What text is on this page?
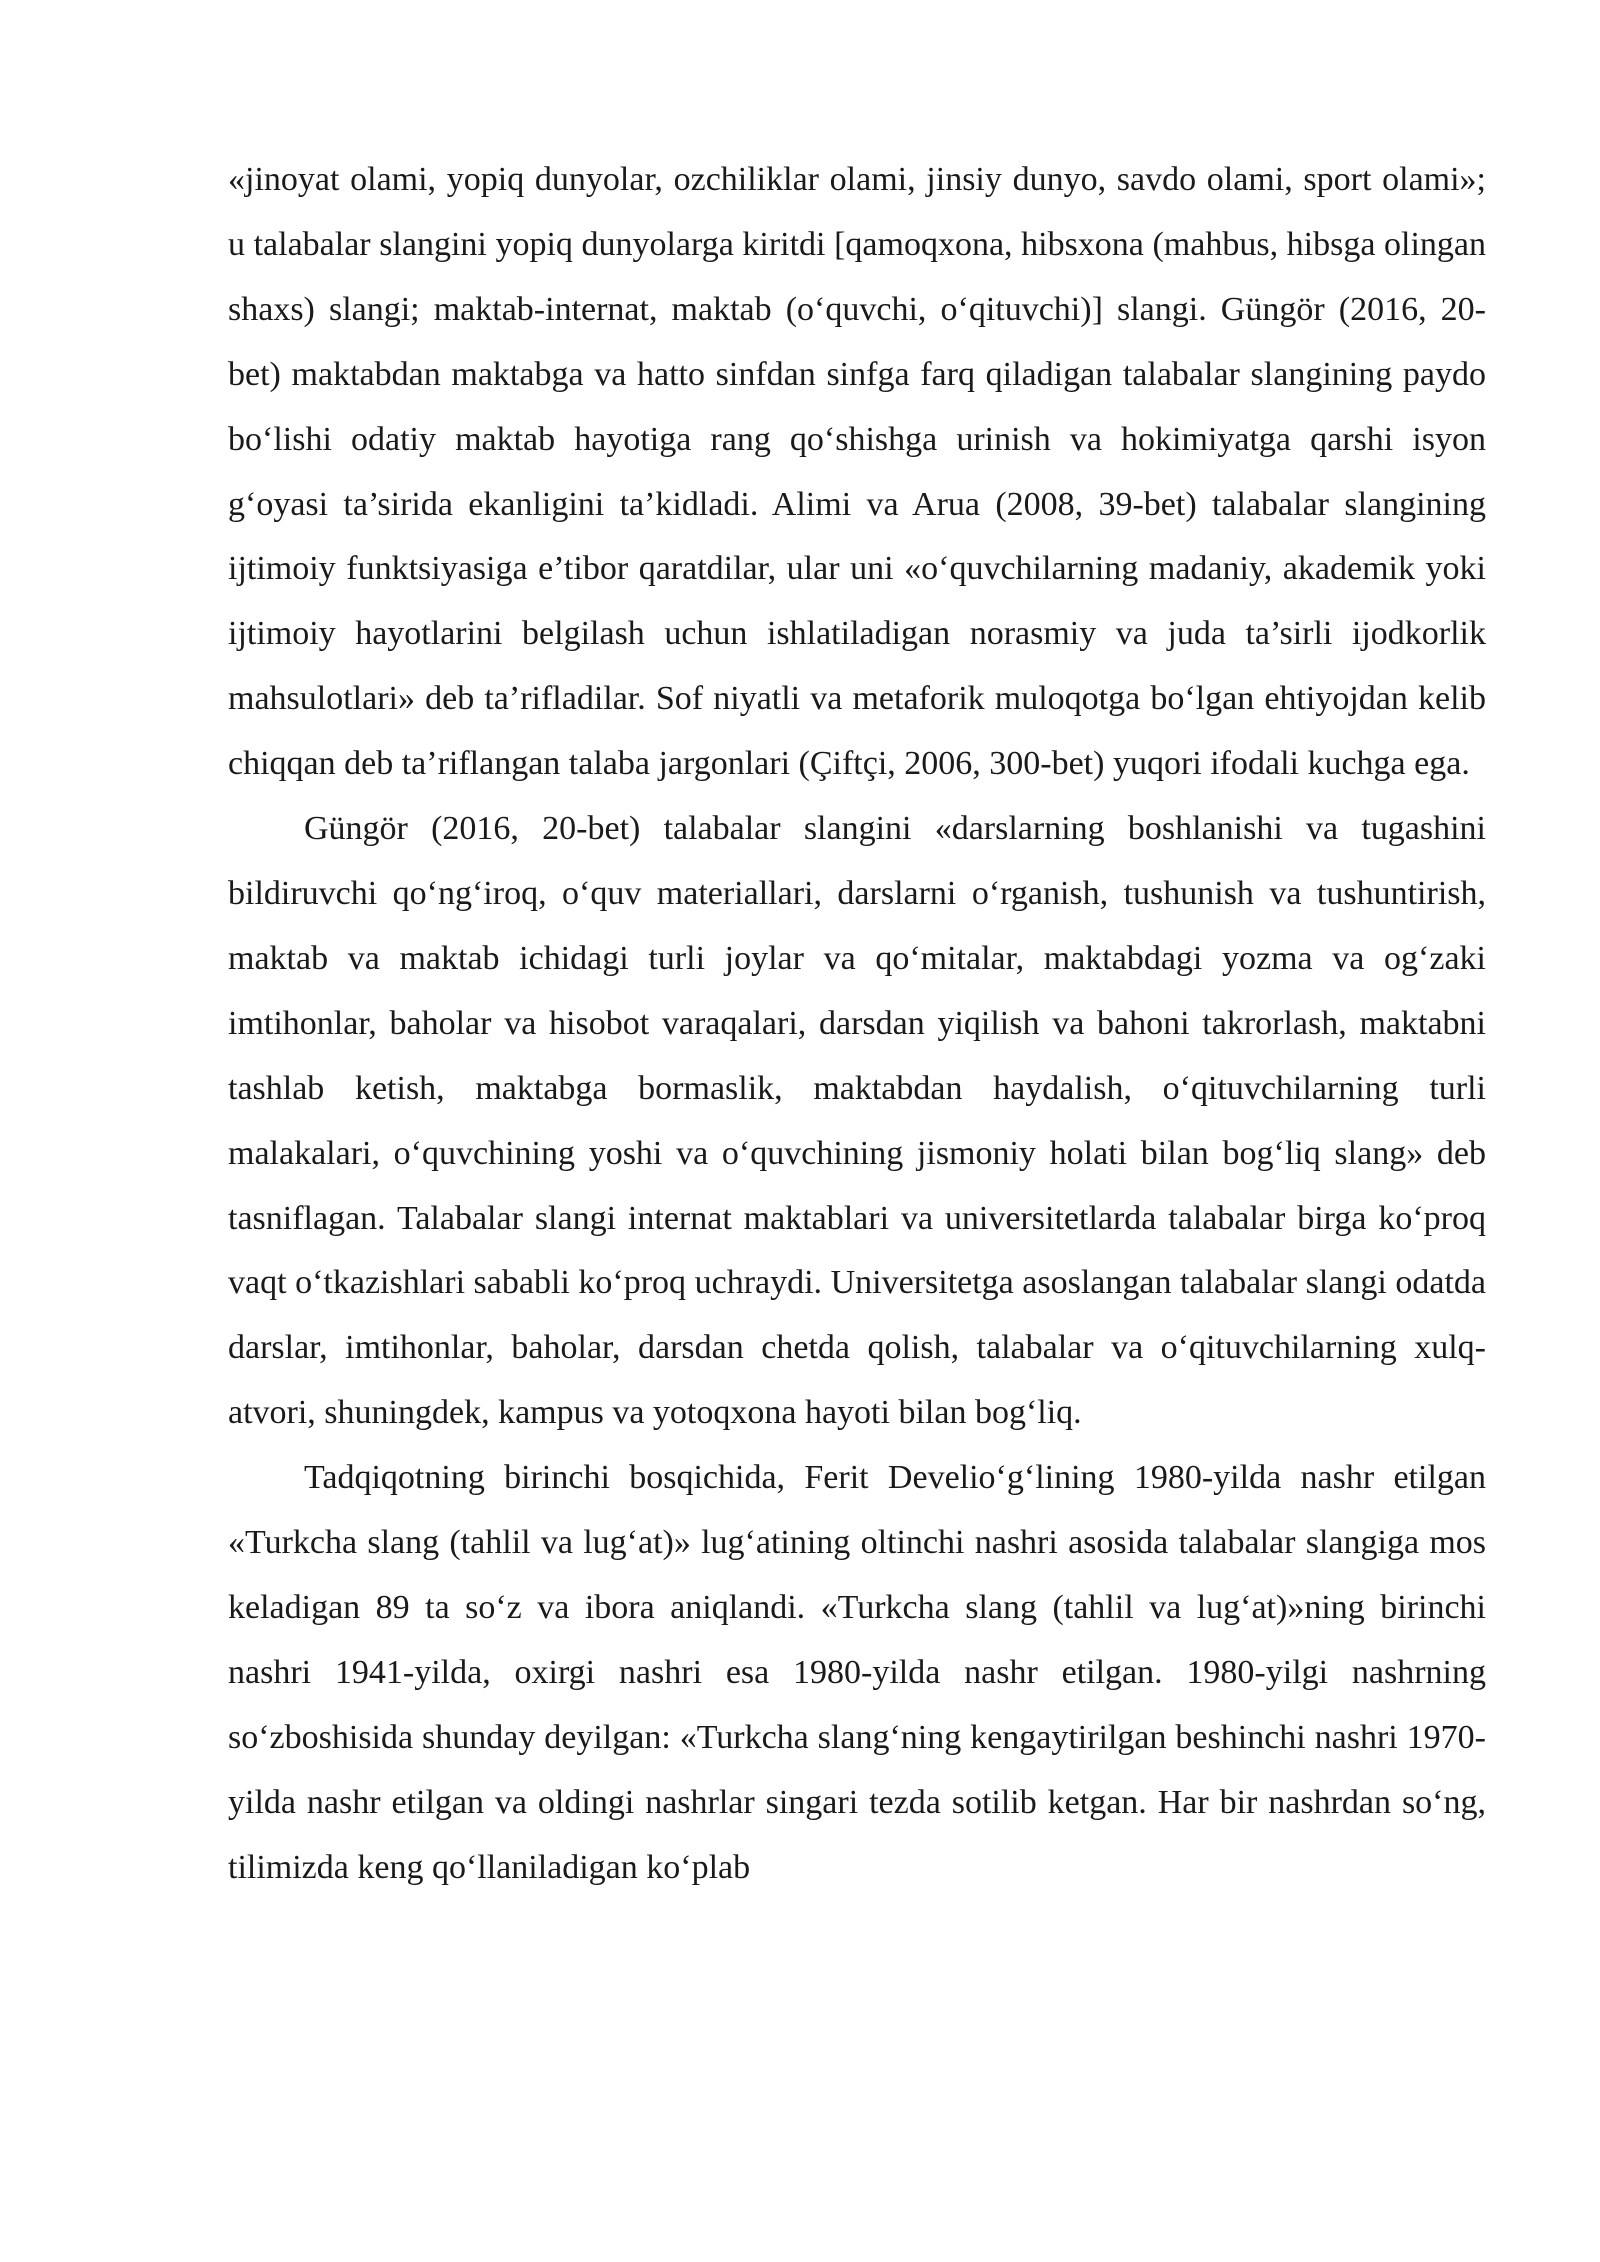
«jinoyat olami, yopiq dunyolar, ozchiliklar olami, jinsiy dunyo, savdo olami, sport olami»; u talabalar slangini yopiq dunyolarga kiritdi [qamoqxona, hibsxona (mahbus, hibsga olingan shaxs) slangi; maktab-internat, maktab (o‘quvchi, o‘qituvchi)] slangi. Güngör (2016, 20-bet) maktabdan maktabga va hatto sinfdan sinfga farq qiladigan talabalar slangining paydo bo‘lishi odatiy maktab hayotiga rang qo‘shishga urinish va hokimiyatga qarshi isyon g‘oyasi ta’sirida ekanligini ta’kidladi. Alimi va Arua (2008, 39-bet) talabalar slangining ijtimoiy funktsiyasiga e’tibor qaratdilar, ular uni «o‘quvchilarning madaniy, akademik yoki ijtimoiy hayotlarini belgilash uchun ishlatiladigan norasmiy va juda ta’sirli ijodkorlik mahsulotlari» deb ta’rifladilar. Sof niyatli va metaforik muloqotga bo‘lgan ehtiyojdan kelib chiqqan deb ta’riflangan talaba jargonlari (Çiftçi, 2006, 300-bet) yuqori ifodali kuchga ega.

Güngör (2016, 20-bet) talabalar slangini «darslarning boshlanishi va tugashini bildiruvchi qo‘ng‘iroq, o‘quv materiallari, darslarni o‘rganish, tushunish va tushuntirish, maktab va maktab ichidagi turli joylar va qo‘mitalar, maktabdagi yozma va og‘zaki imtihonlar, baholar va hisobot varaqalari, darsdan yiqilish va bahoni takrorlash, maktabni tashlab ketish, maktabga bormaslik, maktabdan haydalish, o‘qituvchilarning turli malakalari, o‘quvchining yoshi va o‘quvchining jismoniy holati bilan bog‘liq slang» deb tasniflagan. Talabalar slangi internat maktablari va universitetlarda talabalar birga ko‘proq vaqt o‘tkazishlari sababli ko‘proq uchraydi. Universitetga asoslangan talabalar slangi odatda darslar, imtihonlar, baholar, darsdan chetda qolish, talabalar va o‘qituvchilarning xulq-atvori, shuningdek, kampus va yotoqxona hayoti bilan bog‘liq.

Tadqiqotning birinchi bosqichida, Ferit Develio‘g‘lining 1980-yilda nashr etilgan «Turkcha slang (tahlil va lug‘at)» lug‘atining oltinchi nashri asosida talabalar slangiga mos keladigan 89 ta so‘z va ibora aniqlandi. «Turkcha slang (tahlil va lug‘at)»ning birinchi nashri 1941-yilda, oxirgi nashri esa 1980-yilda nashr etilgan. 1980-yilgi nashrning so‘zboshisida shunday deyilgan: «Turkcha slang‘ning kengaytirilgan beshinchi nashri 1970-yilda nashr etilgan va oldingi nashrlar singari tezda sotilib ketgan. Har bir nashrdan so‘ng, tilimizda keng qo‘llaniladigan ko‘plab
